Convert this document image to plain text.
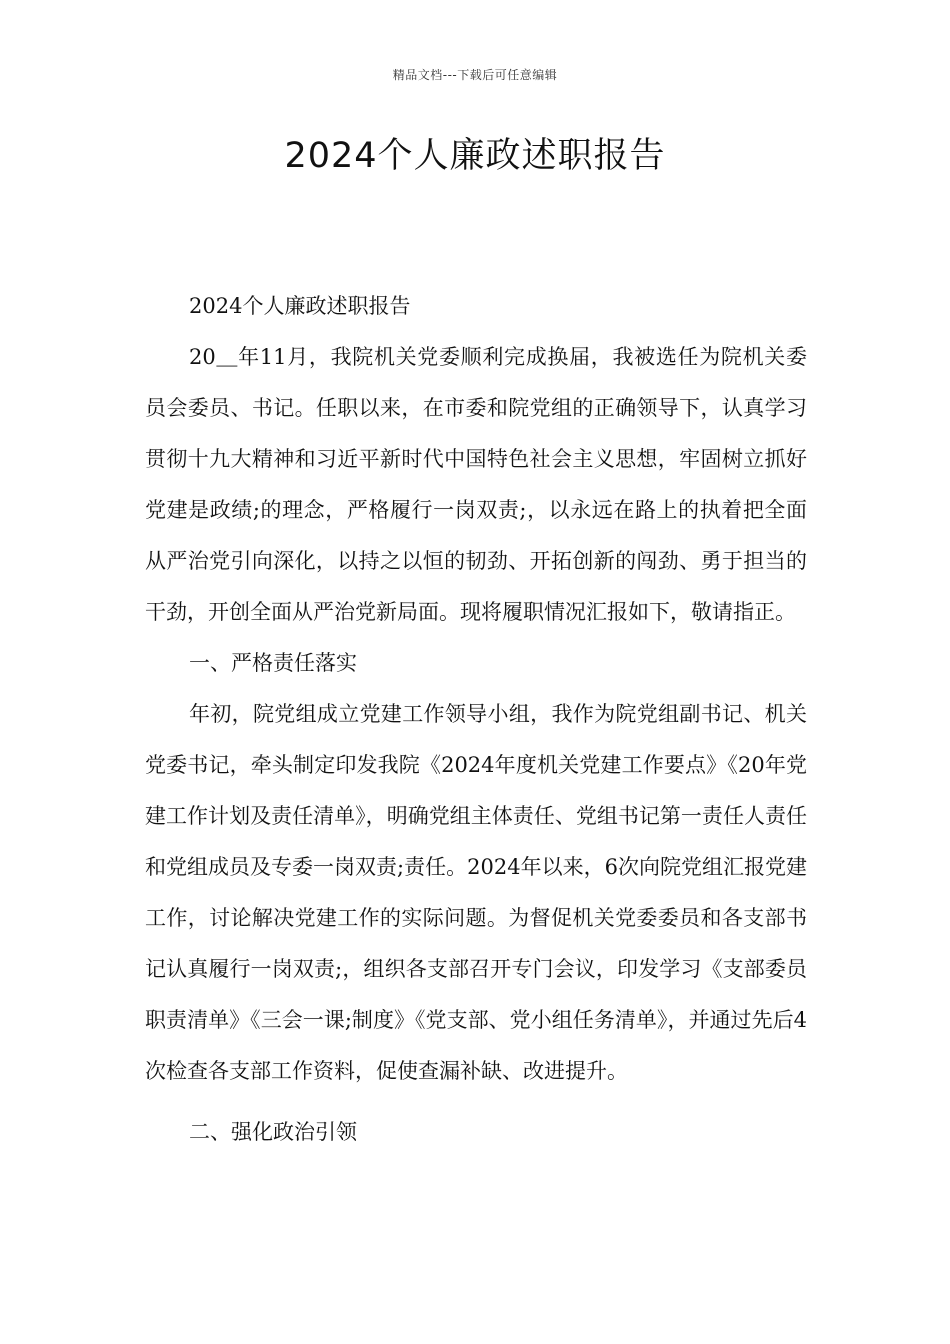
精品文档---下载后可任意编辑
2024个人廉政述职报告

2024个人廉政述职报告

20＿年11月，我院机关党委顺利完成换届，我被选任为院机关委员会委员、书记。任职以来，在市委和院党组的正确领导下，认真学习贯彻十九大精神和习近平新时代中国特色社会主义思想，牢固树立抓好党建是政绩;的理念，严格履行一岗双责;，以永远在路上的执着把全面从严治党引向深化，以持之以恒的韧劲、开拓创新的闯劲、勇于担当的干劲，开创全面从严治党新局面。现将履职情况汇报如下，敬请指正。

一、严格责任落实

年初，院党组成立党建工作领导小组，我作为院党组副书记、机关党委书记，牵头制定印发我院《2024年度机关党建工作要点》《20年党建工作计划及责任清单》，明确党组主体责任、党组书记第一责任人责任和党组成员及专委一岗双责;责任。2024年以来，6次向院党组汇报党建工作，讨论解决党建工作的实际问题。为督促机关党委委员和各支部书记认真履行一岗双责;，组织各支部召开专门会议，印发学习《支部委员职责清单》《三会一课;制度》《党支部、党小组任务清单》，并通过先后4次检查各支部工作资料，促使查漏补缺、改进提升。

二、强化政治引领
